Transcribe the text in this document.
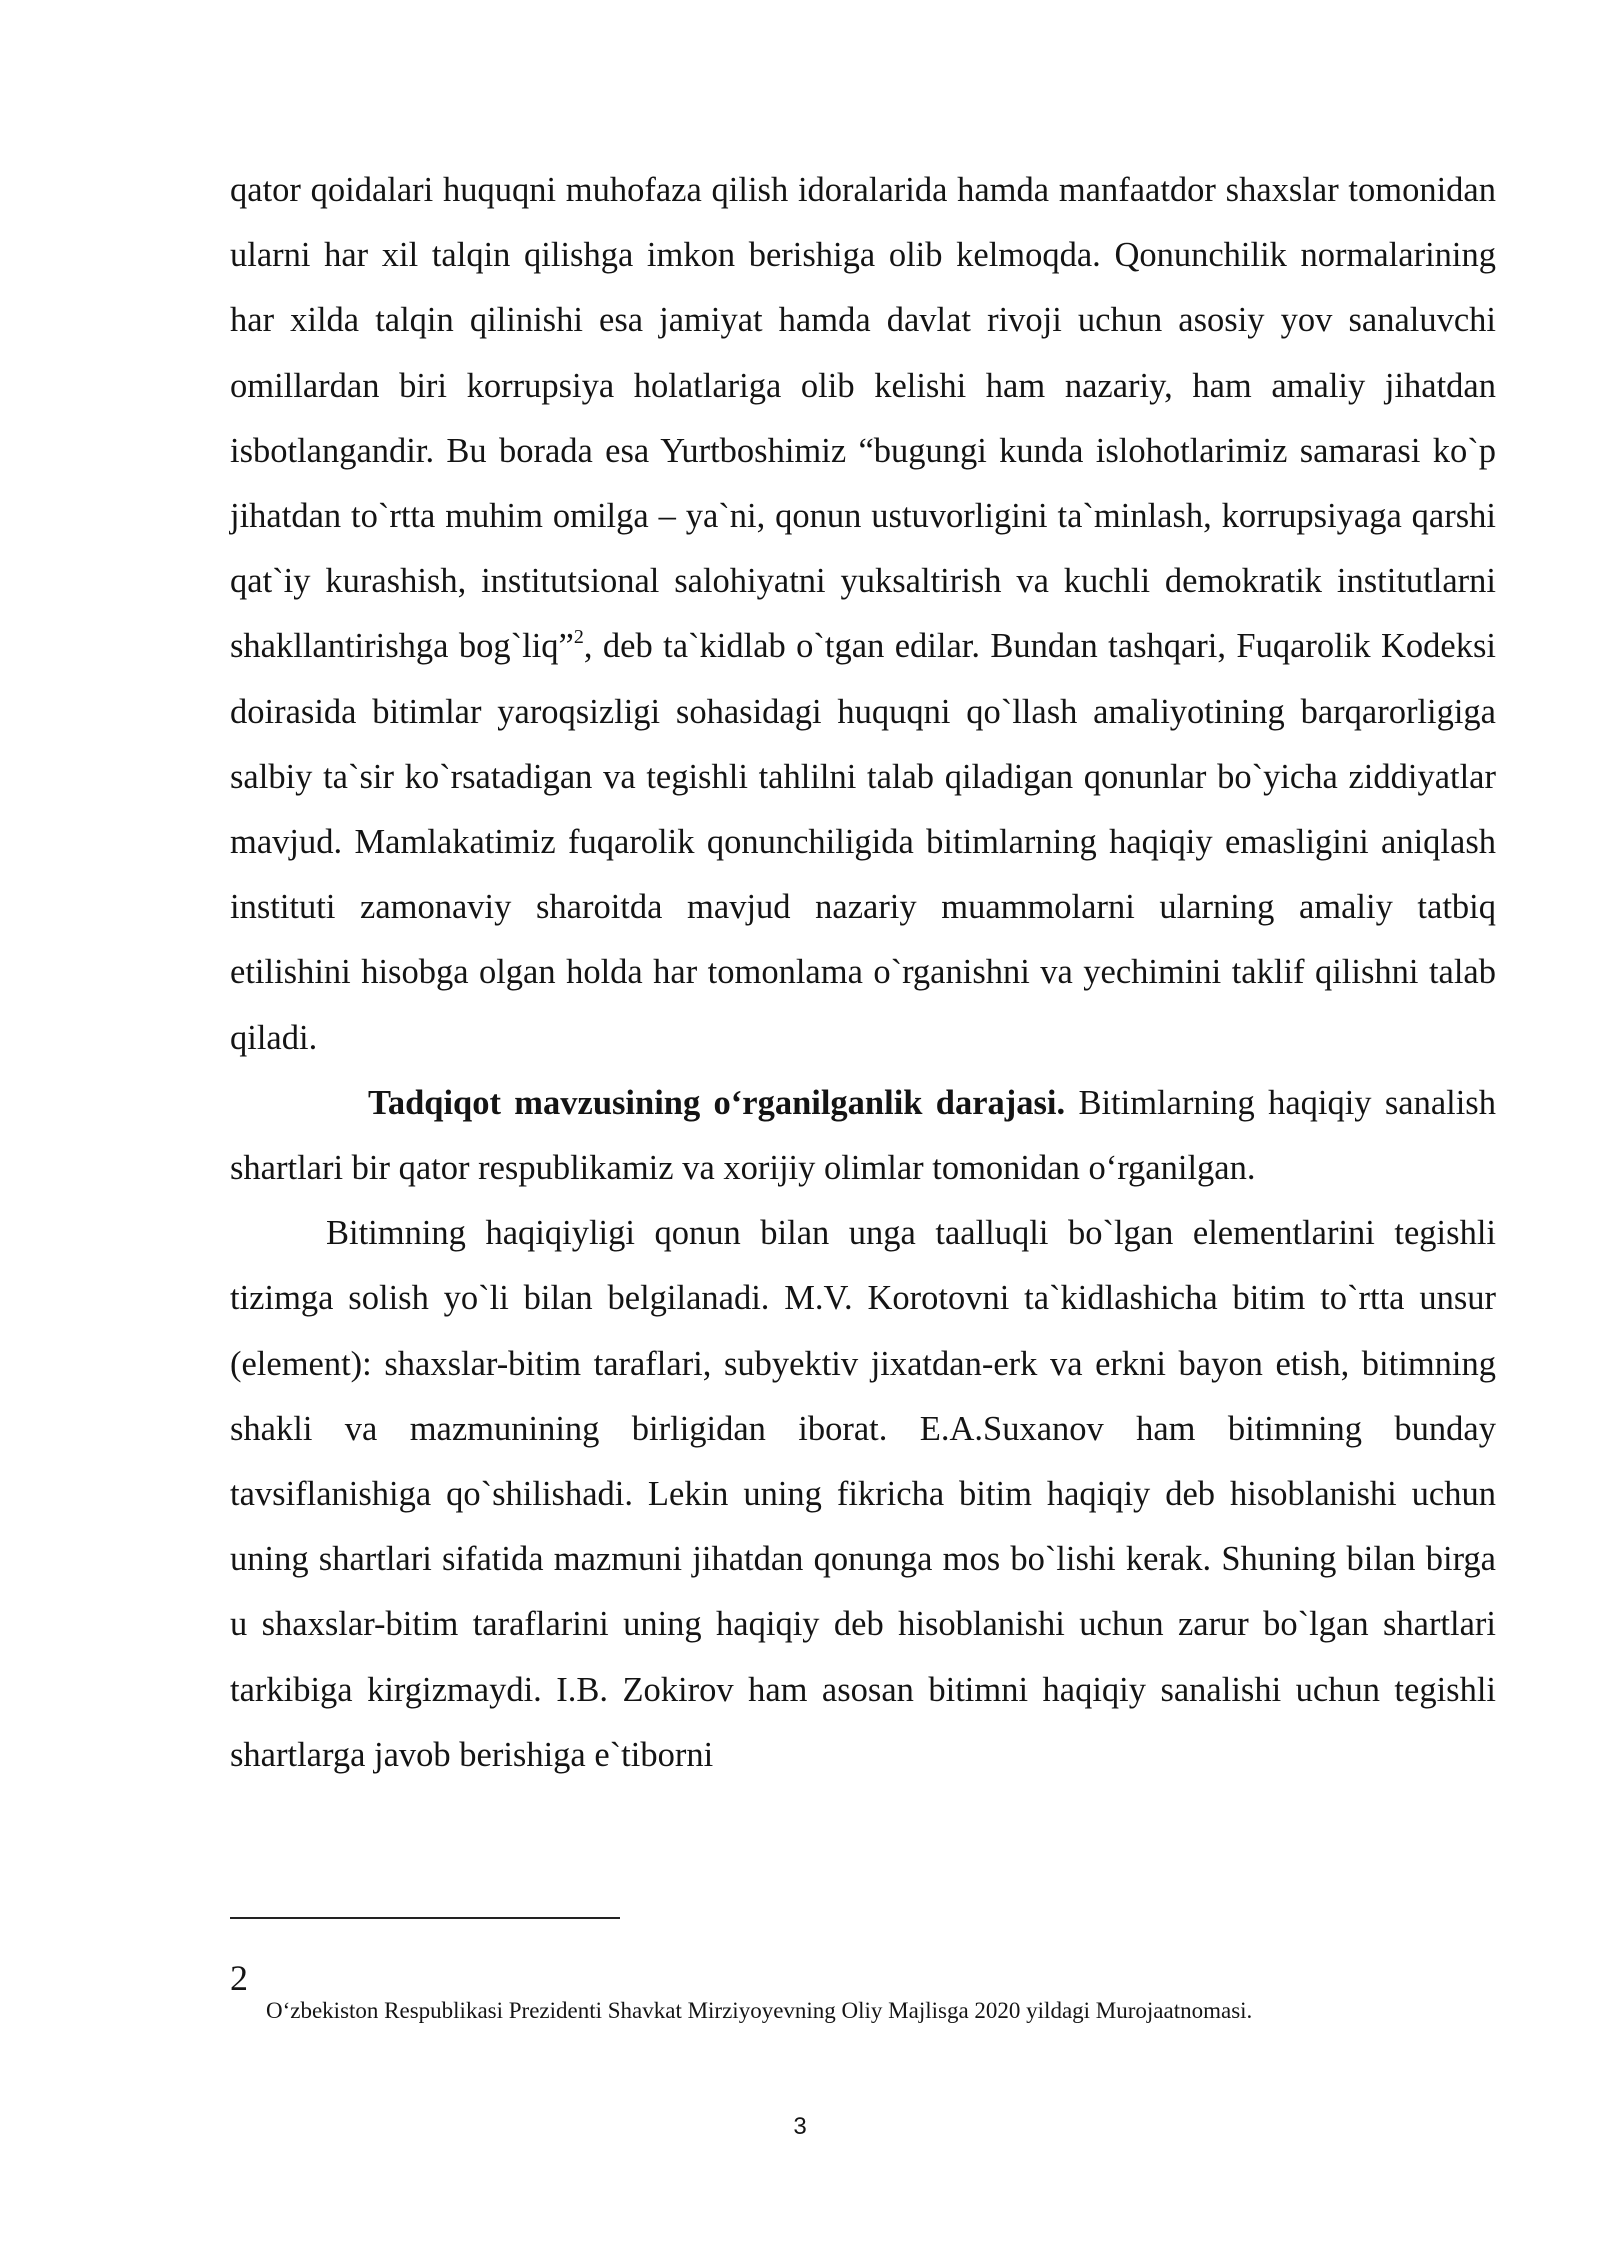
qator qoidalari huquqni muhofaza qilish idoralarida hamda manfaatdor shaxslar tomonidan ularni har xil talqin qilishga imkon berishiga olib kelmoqda. Qonunchilik normalarining har xilda talqin qilinishi esa jamiyat hamda davlat rivoji uchun asosiy yov sanaluvchi omillardan biri korrupsiya holatlariga olib kelishi ham nazariy, ham amaliy jihatdan isbotlangandir. Bu borada esa Yurtboshimiz “bugungi kunda islohotlarimiz samarasi ko`p jihatdan to`rtta muhim omilga – ya`ni, qonun ustuvorligini ta`minlash, korrupsiyaga qarshi qat`iy kurashish, institutsional salohiyatni yuksaltirish va kuchli demokratik institutlarni shakllantirishga bog`liq”$^2$, deb ta`kidlab o`tgan edilar. Bundan tashqari, Fuqarolik Kodeksi doirasida bitimlar yaroqsizligi sohasidagi huquqni qo`llash amaliyotining barqarorligiga salbiy ta`sir ko`rsatadigan va tegishli tahlilni talab qiladigan qonunlar bo`yicha ziddiyatlar mavjud. Mamlakatimiz fuqarolik qonunchiligida bitimlarning haqiqiy emasligini aniqlash instituti zamonaviy sharoitda mavjud nazariy muammolarni ularning amaliy tatbiq etilishini hisobga olgan holda har tomonlama o`rganishni va yechimini taklif qilishni talab qiladi.

Tadqiqot mavzusining o‘rganilganlik darajasi. Bitimlarning haqiqiy sanalish shartlari bir qator respublikamiz va xorijiy olimlar tomonidan o‘rganilgan.

Bitimning haqiqiyligi qonun bilan unga taalluqli bo`lgan elementlarini tegishli tizimga solish yo`li bilan belgilanadi. M.V. Korotovni ta`kidlashicha bitim to`rtta unsur (element): shaxslar-bitim taraflari, subyektiv jixatdan-erk va erkni bayon etish, bitimning shakli va mazmunining birligidan iborat. E.A.Suxanov ham bitimning bunday tavsiflanishiga qo`shilishadi. Lekin uning fikricha bitim haqiqiy deb hisoblanishi uchun uning shartlari sifatida mazmuni jihatdan qonunga mos bo`lishi kerak. Shuning bilan birga u shaxslar-bitim taraflarini uning haqiqiy deb hisoblanishi uchun zarur bo`lgan shartlari tarkibiga kirgizmaydi. I.B. Zokirov ham asosan bitimni haqiqiy sanalishi uchun tegishli shartlarga javob berishiga e`tiborni

2
O‘zbekiston Respublikasi Prezidenti Shavkat Mirziyoyevning Oliy Majlisga 2020 yildagi Murojaatnomasi.
3
